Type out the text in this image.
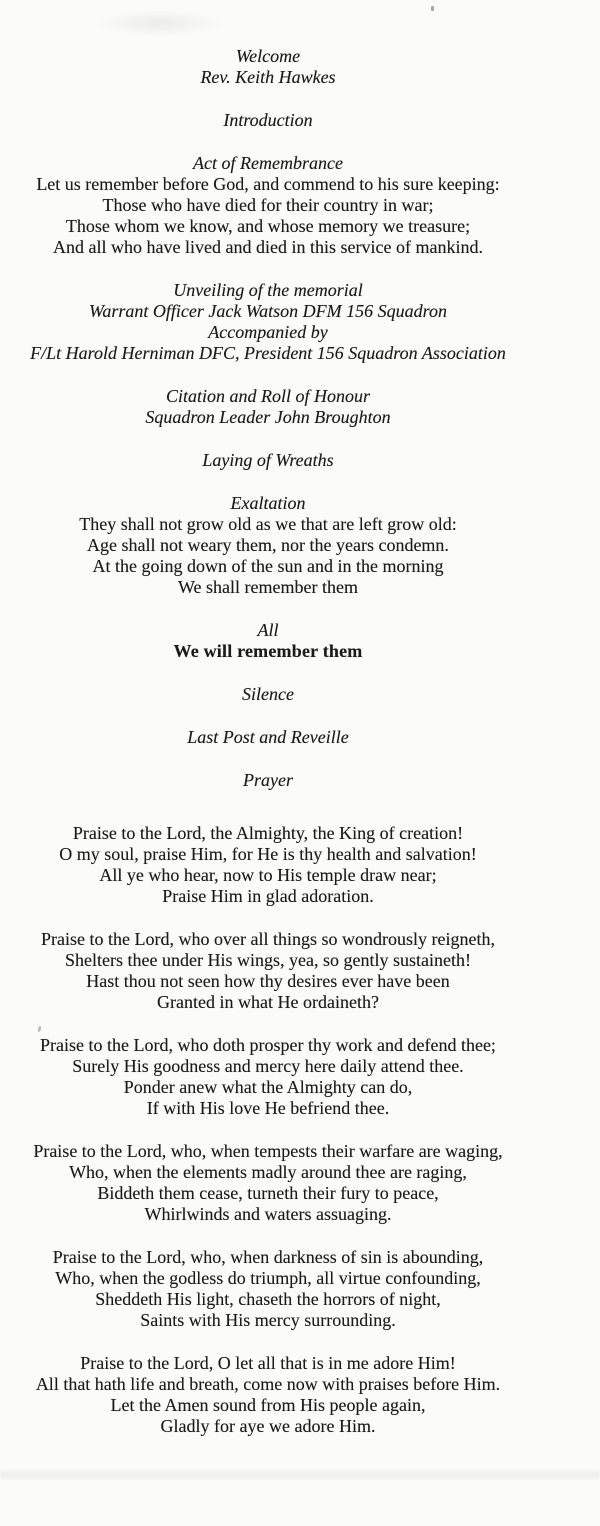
Welcome
Rev. Keith Hawkes
Introduction
Act of Remembrance
Let us remember before God, and commend to his sure keeping:
Those who have died for their country in war;
Those whom we know, and whose memory we treasure;
And all who have lived and died in this service of mankind.
Unveiling of the memorial
Warrant Officer Jack Watson DFM 156 Squadron
Accompanied by
F/Lt Harold Herniman DFC, President 156 Squadron Association
Citation and Roll of Honour
Squadron Leader John Broughton
Laying of Wreaths
Exaltation
They shall not grow old as we that are left grow old:
Age shall not weary them, nor the years condemn.
At the going down of the sun and in the morning
We shall remember them
All
We will remember them
Silence
Last Post and Reveille
Prayer
Praise to the Lord, the Almighty, the King of creation!
O my soul, praise Him, for He is thy health and salvation!
All ye who hear, now to His temple draw near;
Praise Him in glad adoration.
Praise to the Lord, who over all things so wondrously reigneth,
Shelters thee under His wings, yea, so gently sustaineth!
Hast thou not seen how thy desires ever have been
Granted in what He ordaineth?
Praise to the Lord, who doth prosper thy work and defend thee;
Surely His goodness and mercy here daily attend thee.
Ponder anew what the Almighty can do,
If with His love He befriend thee.
Praise to the Lord, who, when tempests their warfare are waging,
Who, when the elements madly around thee are raging,
Biddeth them cease, turneth their fury to peace,
Whirlwinds and waters assuaging.
Praise to the Lord, who, when darkness of sin is abounding,
Who, when the godless do triumph, all virtue confounding,
Sheddeth His light, chaseth the horrors of night,
Saints with His mercy surrounding.
Praise to the Lord, O let all that is in me adore Him!
All that hath life and breath, come now with praises before Him.
Let the Amen sound from His people again,
Gladly for aye we adore Him.
